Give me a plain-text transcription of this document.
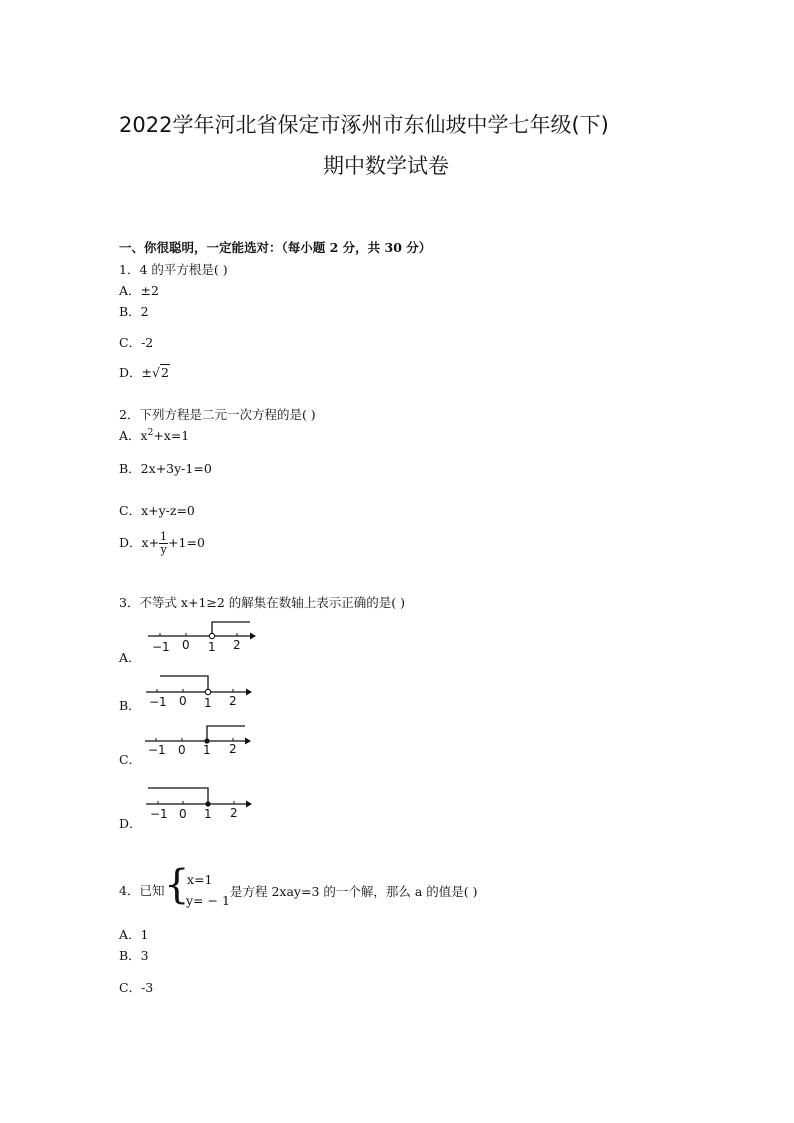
2022学年河北省保定市涿州市东仙坡中学七年级(下)
期中数学试卷
一、你很聪明，一定能选对：（每小题 2 分，共 30 分）
1．4 的平方根是( )
A．±2
B．2
C．-2
D．±√2
2．下列方程是二元一次方程的是( )
A．$x^2+x=1$
B．2x+3y-1=0
C．x+y-z=0
D．$x+ \frac{1}{y} +1=0$
3．不等式 x+1≥2 的解集在数轴上表示正确的是( )
A．
−1 0 1 2
B． −1 0 1 2
C．
−1 0 1 2
D．
−1 0 1 2
4．已知 {
x=1
y= − 1
是方程 2xay=3 的一个解，那么 a 的值是( )
A．1
B．3
C．-3
